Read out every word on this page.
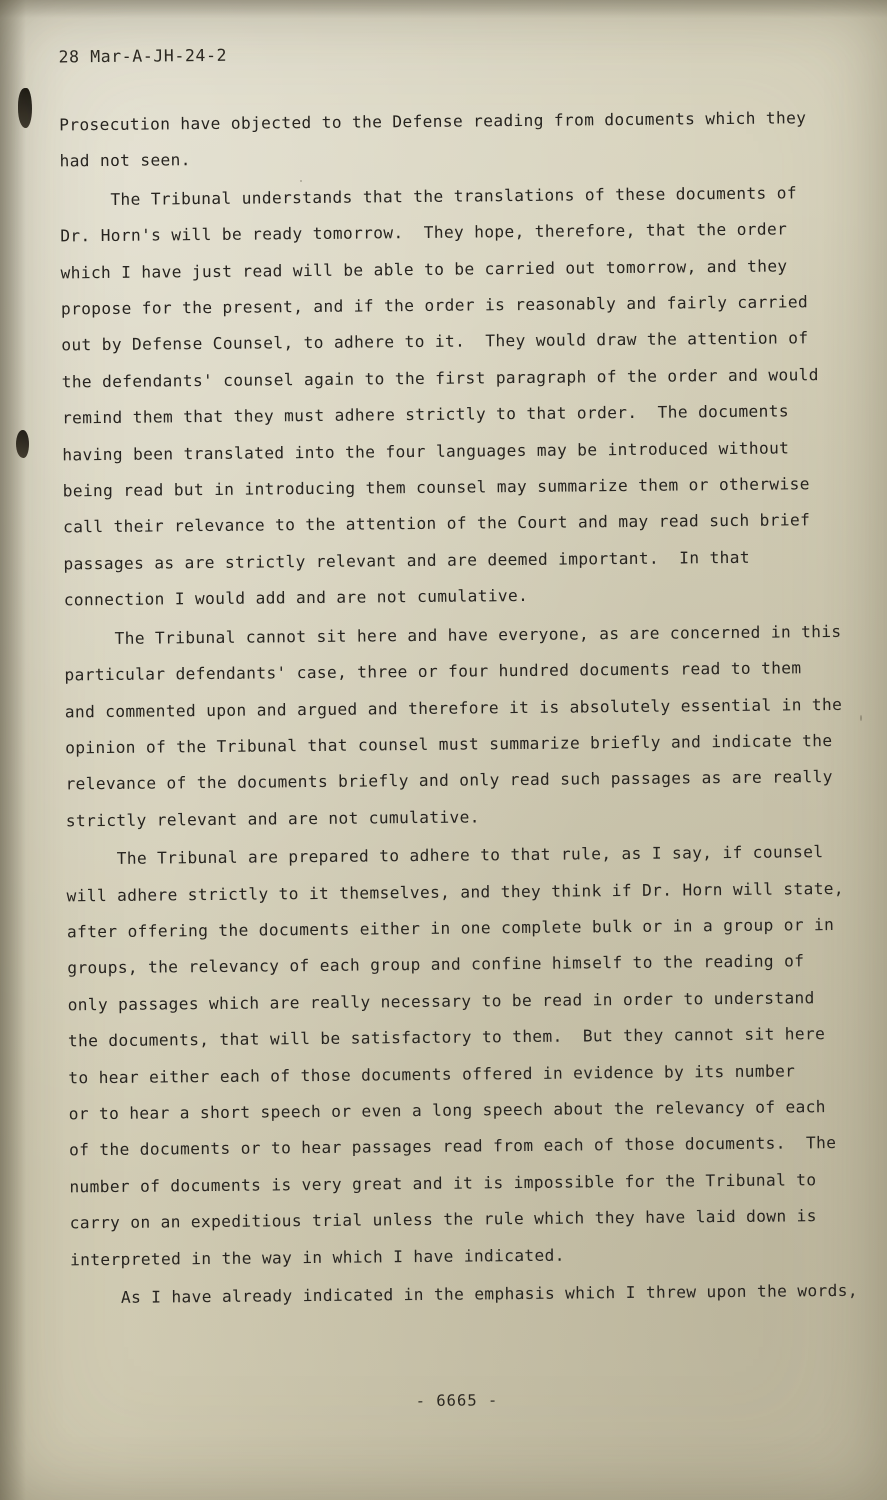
28 Mar-A-JH-24-2
Prosecution have objected to the Defense reading from documents which they
had not seen.
The Tribunal understands that the translations of these documents of
Dr. Horn's will be ready tomorrow.  They hope, therefore, that the order
which I have just read will be able to be carried out tomorrow, and they
propose for the present, and if the order is reasonably and fairly carried
out by Defense Counsel, to adhere to it.  They would draw the attention of
the defendants' counsel again to the first paragraph of the order and would
remind them that they must adhere strictly to that order.  The documents
having been translated into the four languages may be introduced without
being read but in introducing them counsel may summarize them or otherwise
call their relevance to the attention of the Court and may read such brief
passages as are strictly relevant and are deemed important.  In that
connection I would add and are not cumulative.
The Tribunal cannot sit here and have everyone, as are concerned in this
particular defendants' case, three or four hundred documents read to them
and commented upon and argued and therefore it is absolutely essential in the
opinion of the Tribunal that counsel must summarize briefly and indicate the
relevance of the documents briefly and only read such passages as are really
strictly relevant and are not cumulative.
The Tribunal are prepared to adhere to that rule, as I say, if counsel
will adhere strictly to it themselves, and they think if Dr. Horn will state,
after offering the documents either in one complete bulk or in a group or in
groups, the relevancy of each group and confine himself to the reading of
only passages which are really necessary to be read in order to understand
the documents, that will be satisfactory to them.  But they cannot sit here
to hear either each of those documents offered in evidence by its number
or to hear a short speech or even a long speech about the relevancy of each
of the documents or to hear passages read from each of those documents.  The
number of documents is very great and it is impossible for the Tribunal to
carry on an expeditious trial unless the rule which they have laid down is
interpreted in the way in which I have indicated.
As I have already indicated in the emphasis which I threw upon the words,
- 6665 -
